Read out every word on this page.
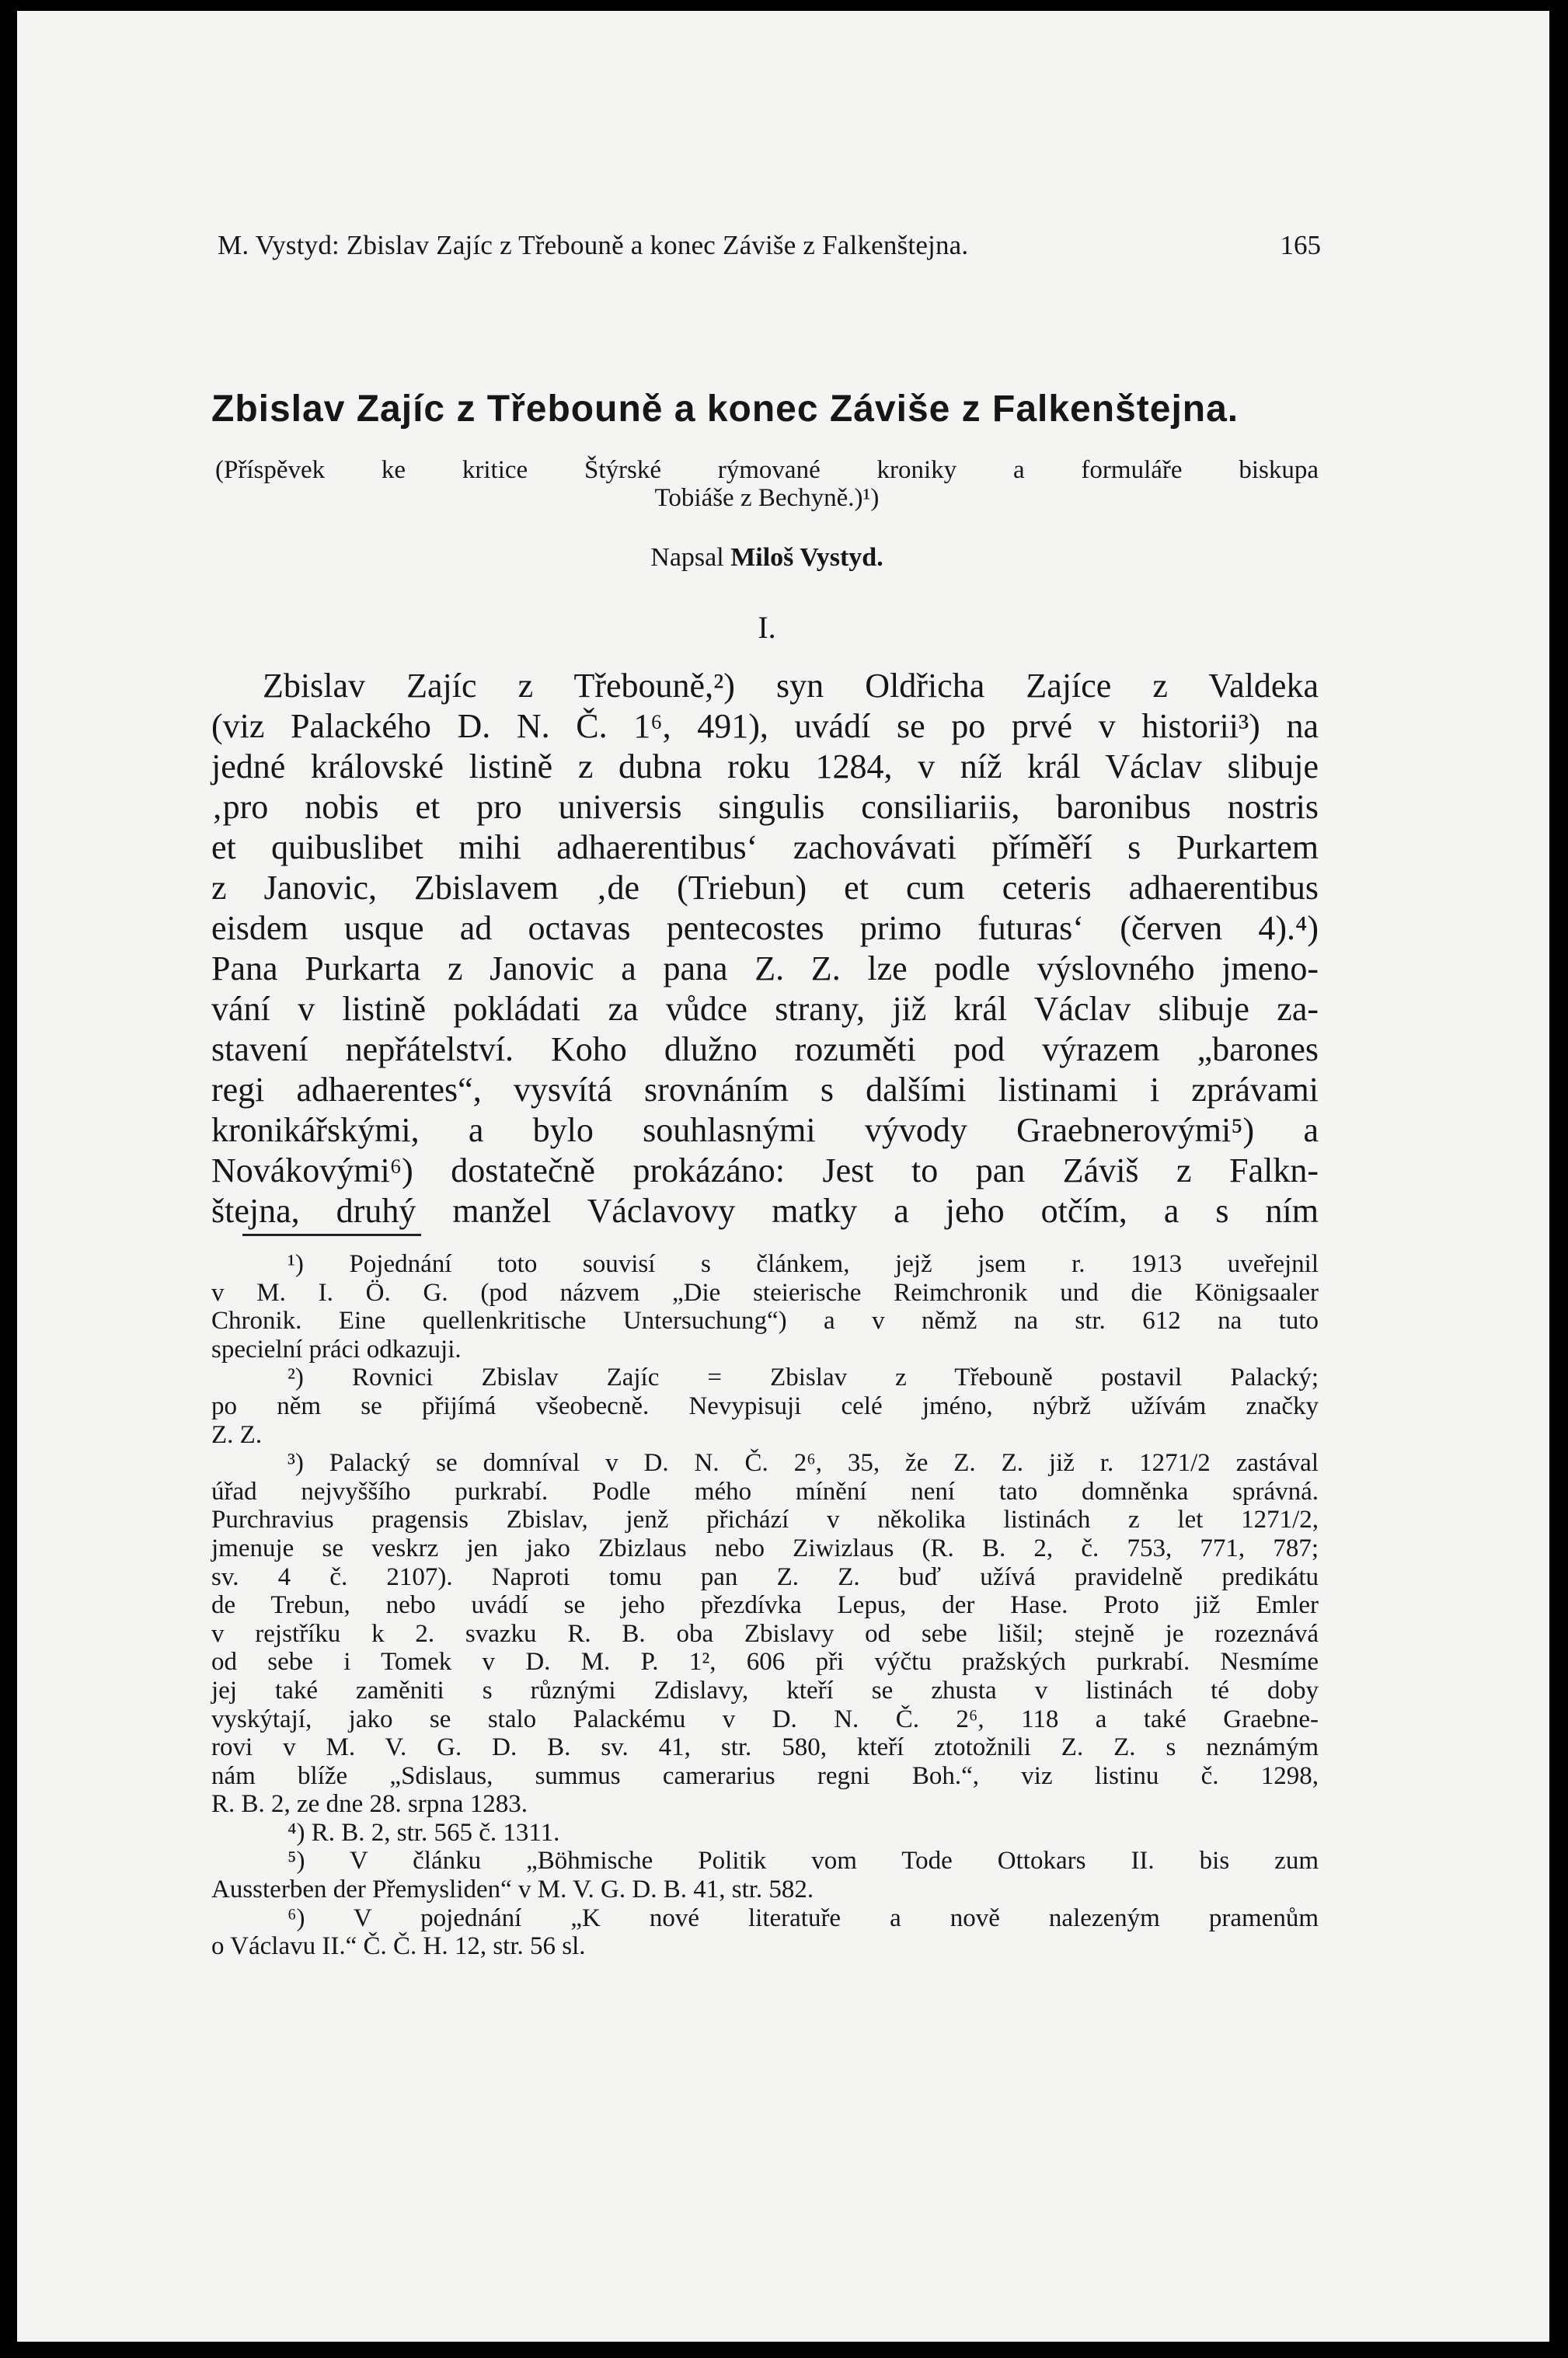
M. Vystyd: Zbislav Zajíc z Třebouně a konec Záviše z Falkenštejna.	165
Zbislav Zajíc z Třebouně a konec Záviše z Falkenštejna.
(Příspěvek ke kritice Štýrské rýmované kroniky a formuláře biskupa
Tobiáše z Bechyně.)¹)
Napsal Miloš Vystyd.
I.
Zbislav Zajíc z Třebouně,²) syn Oldřicha Zajíce z Valdeka
(viz Palackého D. N. Č. 1⁶, 491), uvádí se po prvé v historii³) na
jedné královské listině z dubna roku 1284, v níž král Václav slibuje
‚pro nobis et pro universis singulis consiliariis, baronibus nostris
et quibuslibet mihi adhaerentibus‘ zachovávati příměří s Purkartem
z Janovic, Zbislavem ‚de (Triebun) et cum ceteris adhaerentibus
eisdem usque ad octavas pentecostes primo futuras‘ (červen 4).⁴)
Pana Purkarta z Janovic a pana Z. Z. lze podle výslovného jmeno-
vání v listině pokládati za vůdce strany, již král Václav slibuje za-
stavení nepřátelství. Koho dlužno rozuměti pod výrazem „barones
regi adhaerentes“, vysvítá srovnáním s dalšími listinami i zprávami
kronikářskými, a bylo souhlasnými vývody Graebnerovými⁵) a
Novákovými⁶) dostatečně prokázáno: Jest to pan Záviš z Falkn-
štejna, druhý manžel Václavovy matky a jeho otčím, a s ním
¹) Pojednání toto souvisí s článkem, jejž jsem r. 1913 uveřejnil
v M. I. Ö. G. (pod názvem „Die steierische Reimchronik und die Königsaaler
Chronik. Eine quellenkritische Untersuchung“) a v němž na str. 612 na tuto
specielní práci odkazuji.
²) Rovnici Zbislav Zajíc = Zbislav z Třebouně postavil Palacký;
po něm se přijímá všeobecně. Nevypisuji celé jméno, nýbrž užívám značky
Z. Z.
³) Palacký se domníval v D. N. Č. 2⁶, 35, že Z. Z. již r. 1271/2 zastával
úřad nejvyššího purkrabí. Podle mého mínění není tato domněnka správná.
Purchravius pragensis Zbislav, jenž přichází v několika listinách z let 1271/2,
jmenuje se veskrz jen jako Zbizlaus nebo Ziwizlaus (R. B. 2, č. 753, 771, 787;
sv. 4 č. 2107). Naproti tomu pan Z. Z. buď užívá pravidelně predikátu
de Trebun, nebo uvádí se jeho přezdívka Lepus, der Hase. Proto již Emler
v rejstříku k 2. svazku R. B. oba Zbislavy od sebe lišil; stejně je rozeznává
od sebe i Tomek v D. M. P. 1², 606 při výčtu pražských purkrabí. Nesmíme
jej také zaměniti s různými Zdislavy, kteří se zhusta v listinách té doby
vyskýtají, jako se stalo Palackému v D. N. Č. 2⁶, 118 a také Graebne-
rovi v M. V. G. D. B. sv. 41, str. 580, kteří ztotožnili Z. Z. s neznámým
nám blíže „Sdislaus, summus camerarius regni Boh.“, viz listinu č. 1298,
R. B. 2, ze dne 28. srpna 1283.
⁴) R. B. 2, str. 565 č. 1311.
⁵) V článku „Böhmische Politik vom Tode Ottokars II. bis zum
Aussterben der Přemysliden“ v M. V. G. D. B. 41, str. 582.
⁶) V pojednání „K nové literatuře a nově nalezeným pramenům
o Václavu II.“ Č. Č. H. 12, str. 56 sl.
